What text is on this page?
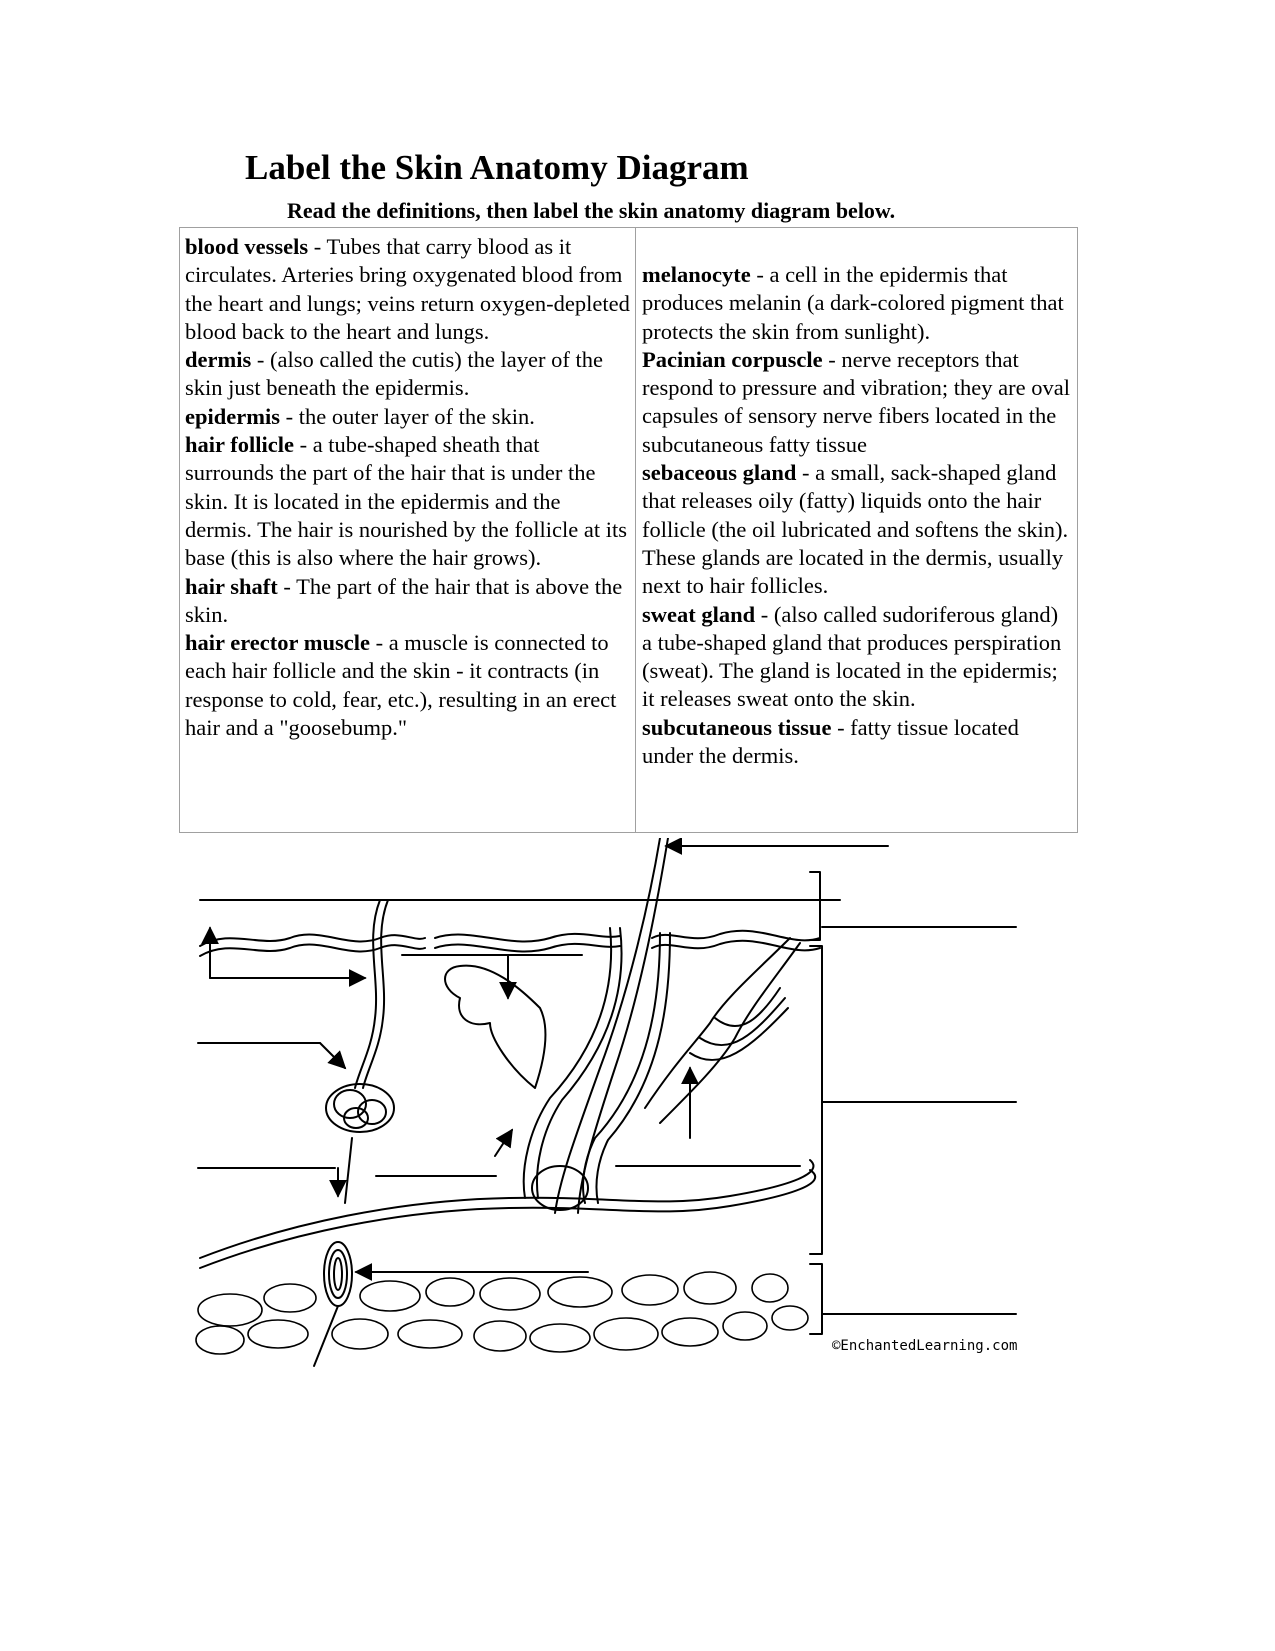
Label the Skin Anatomy Diagram

Read the definitions, then label the skin anatomy diagram below.

blood vessels - Tubes that carry blood as it circulates. Arteries bring oxygenated blood from the heart and lungs; veins return oxygen-depleted blood back to the heart and lungs.

dermis - (also called the cutis) the layer of the skin just beneath the epidermis.

epidermis - the outer layer of the skin.

hair follicle - a tube-shaped sheath that surrounds the part of the hair that is under the skin. It is located in the epidermis and the dermis. The hair is nourished by the follicle at its base (this is also where the hair grows).

hair shaft - The part of the hair that is above the skin.

hair erector muscle - a muscle is connected to each hair follicle and the skin - it contracts (in response to cold, fear, etc.), resulting in an erect hair and a "goosebump."

melanocyte - a cell in the epidermis that produces melanin (a dark-colored pigment that protects the skin from sunlight).

Pacinian corpuscle - nerve receptors that respond to pressure and vibration; they are oval capsules of sensory nerve fibers located in the subcutaneous fatty tissue

sebaceous gland - a small, sack-shaped gland that releases oily (fatty) liquids onto the hair follicle (the oil lubricated and softens the skin). These glands are located in the dermis, usually next to hair follicles.

sweat gland - (also called sudoriferous gland) a tube-shaped gland that produces perspiration (sweat). The gland is located in the epidermis; it releases sweat onto the skin.

subcutaneous tissue - fatty tissue located under the dermis.

©EnchantedLearning.com
